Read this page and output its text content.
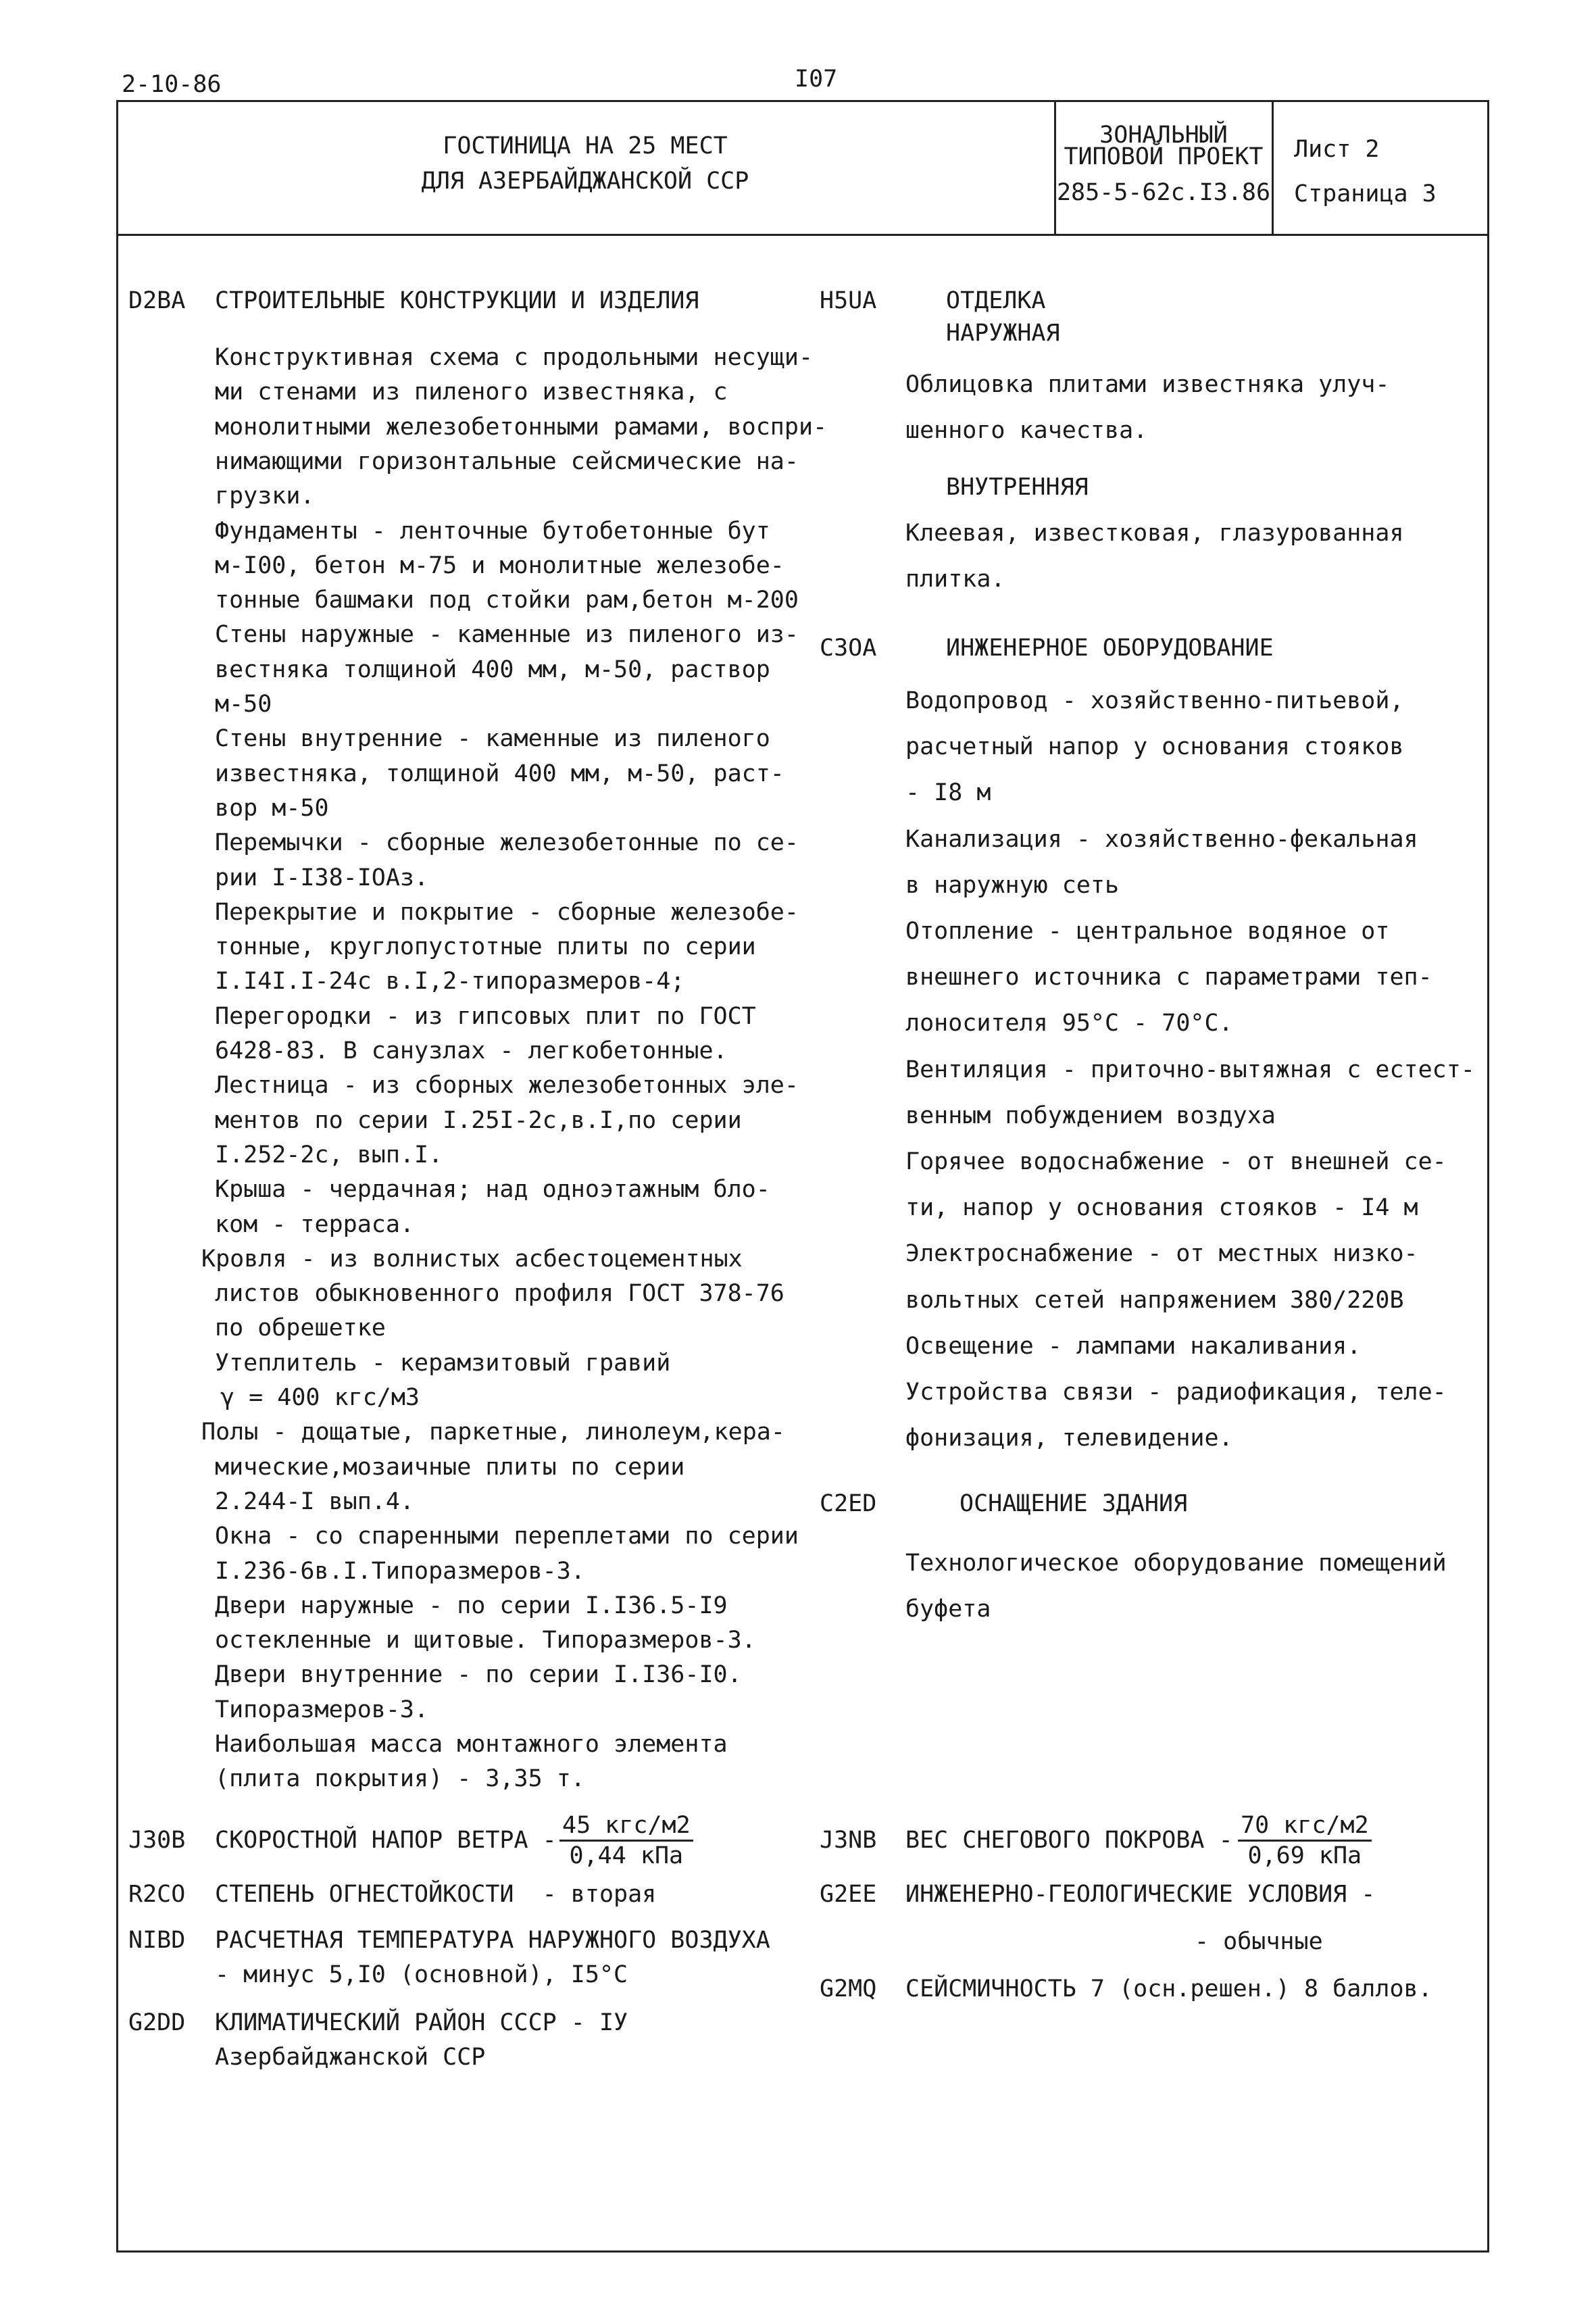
2-10-86	I07
ГОСТИНИЦА НА 25 МЕСТ
ДЛЯ АЗЕРБАЙДЖАНСКОЙ ССР
ЗОНАЛЬНЫЙ
ТИПОВОЙ ПРОЕКТ
285-5-62с.I3.86
Лист 2
Страница 3
D2BA СТРОИТЕЛЬНЫЕ КОНСТРУКЦИИ И ИЗДЕЛИЯ
Конструктивная схема с продольными несущи-
ми стенами из пиленого известняка, с
монолитными железобетонными рамами, воспри-
нимающими горизонтальные сейсмические на-
грузки.
Фундаменты - ленточные бутобетонные бут
м-I00, бетон м-75 и монолитные железобе-
тонные башмаки под стойки рам,бетон м-200
Стены наружные - каменные из пиленого из-
вестняка толщиной 400 мм, м-50, раствор
м-50
Стены внутренние - каменные из пиленого
известняка, толщиной 400 мм, м-50, раст-
вор м-50
Перемычки - сборные железобетонные по се-
рии I-I38-IOAз.
Перекрытие и покрытие - сборные железобе-
тонные, круглопустотные плиты по серии
I.I4I.I-24с в.I,2-типоразмеров-4;
Перегородки - из гипсовых плит по ГОСТ
6428-83. В санузлах - легкобетонные.
Лестница - из сборных железобетонных эле-
ментов по серии I.25I-2с,в.I,по серии
I.252-2с, вып.I.
Крыша - чердачная; над одноэтажным бло-
ком - терраса.
Кровля - из волнистых асбестоцементных
листов обыкновенного профиля ГОСТ 378-76
по обрешетке
Утеплитель - керамзитовый гравий
γ = 400 кгс/м3
Полы - дощатые, паркетные, линолеум,кера-
мические,мозаичные плиты по серии
2.244-I вып.4.
Окна - со спаренными переплетами по серии
I.236-6в.I.Типоразмеров-3.
Двери наружные - по серии I.I36.5-I9
остекленные и щитовые. Типоразмеров-3.
Двери внутренние - по серии I.I36-I0.
Типоразмеров-3.
Наибольшая масса монтажного элемента
(плита покрытия) - 3,35 т.
J30B СКОРОСТНОЙ НАПОР ВЕТРА -
45 кгс/м2
0,44 кПа
R2CO СТЕПЕНЬ ОГНЕСТОЙКОСТИ  - вторая
NIBD РАСЧЕТНАЯ ТЕМПЕРАТУРА НАРУЖНОГО ВОЗДУХА
- минус 5,I0 (основной), I5°С
G2DD КЛИМАТИЧЕСКИЙ РАЙОН СССР - IУ
Азербайджанской ССР
H5UA	ОТДЕЛКА
НАРУЖНАЯ
Облицовка плитами известняка улуч-
шенного качества.
ВНУТРЕННЯЯ
Клеевая, известковая, глазурованная
плитка.
C3OA	ИНЖЕНЕРНОЕ ОБОРУДОВАНИЕ
Водопровод - хозяйственно-питьевой,
расчетный напор у основания стояков
- I8 м
Канализация - хозяйственно-фекальная
в наружную сеть
Отопление - центральное водяное от
внешнего источника с параметрами теп-
лоносителя 95°С - 70°С.
Вентиляция - приточно-вытяжная с естест-
венным побуждением воздуха
Горячее водоснабжение - от внешней се-
ти, напор у основания стояков - I4 м
Электроснабжение - от местных низко-
вольтных сетей напряжением 380/220В
Освещение - лампами накаливания.
Устройства связи - радиофикация, теле-
фонизация, телевидение.
C2ED	ОСНАЩЕНИЕ ЗДАНИЯ
Технологическое оборудование помещений
буфета
J3NB ВЕС СНЕГОВОГО ПОКРОВА -
70 кгс/м2
0,69 кПа
G2EE ИНЖЕНЕРНО-ГЕОЛОГИЧЕСКИЕ УСЛОВИЯ -
- обычные
G2MQ СЕЙСМИЧНОСТЬ 7 (осн.решен.) 8 баллов.
